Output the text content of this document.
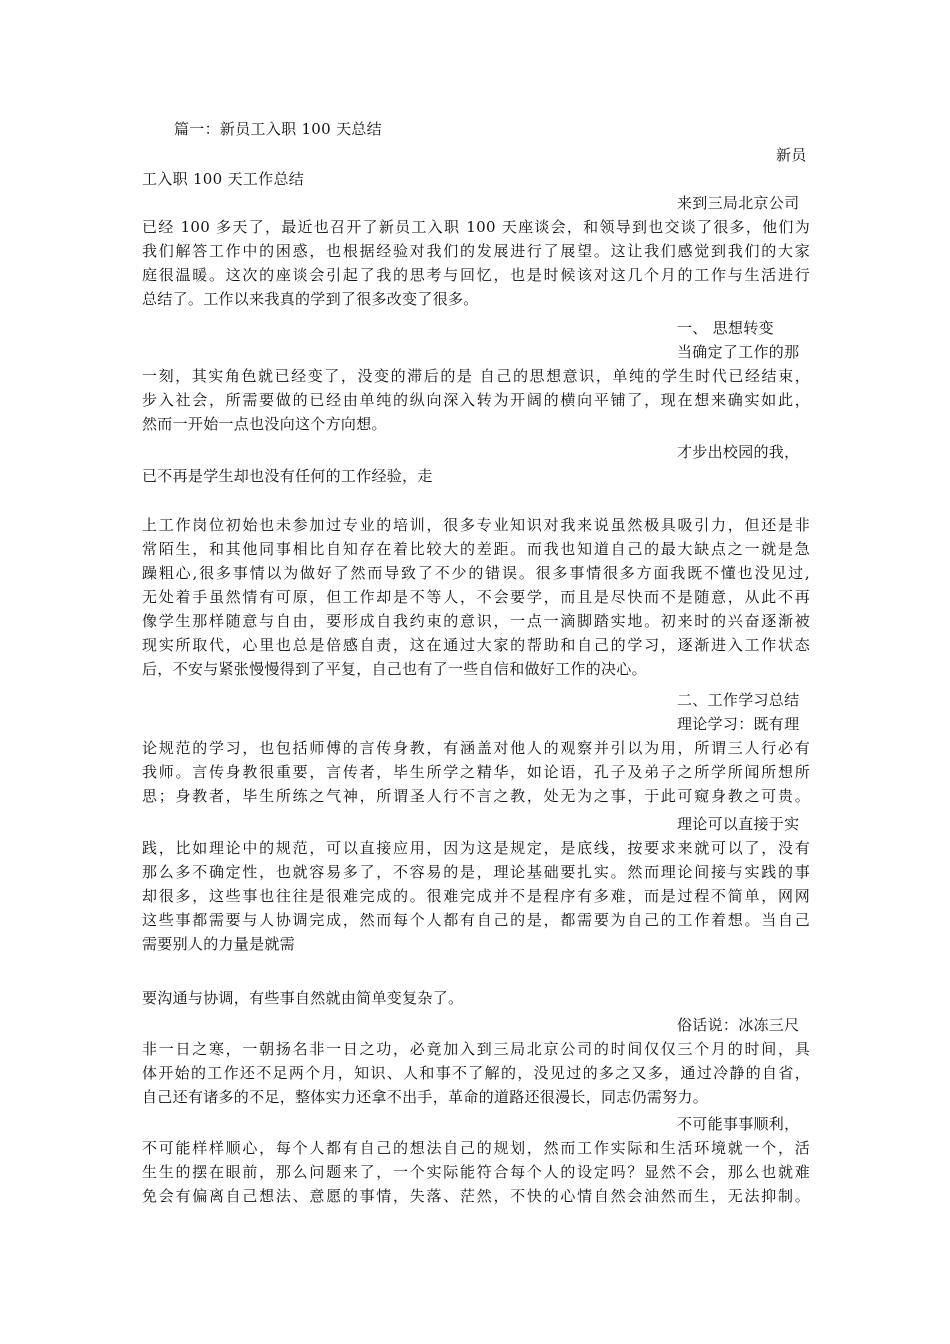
篇一：新员工入职 100 天总结
新员
工入职 100 天工作总结
来到三局北京公司
已经 100 多天了，最近也召开了新员工入职 100 天座谈会，和领导到也交谈了很多，他们为
我们解答工作中的困惑，也根据经验对我们的发展进行了展望。这让我们感觉到我们的大家
庭很温暖。这次的座谈会引起了我的思考与回忆，也是时候该对这几个月的工作与生活进行
总结了。工作以来我真的学到了很多改变了很多。
一、 思想转变
当确定了工作的那
一刻，其实角色就已经变了，没变的滞后的是 自己的思想意识，单纯的学生时代已经结束，
步入社会，所需要做的已经由单纯的纵向深入转为开阔的横向平铺了，现在想来确实如此，
然而一开始一点也没向这个方向想。
才步出校园的我，
已不再是学生却也没有任何的工作经验，走
上工作岗位初始也未参加过专业的培训，很多专业知识对我来说虽然极具吸引力，但还是非
常陌生，和其他同事相比自知存在着比较大的差距。而我也知道自己的最大缺点之一就是急
躁粗心,很多事情以为做好了然而导致了不少的错误。很多事情很多方面我既不懂也没见过,
无处着手虽然情有可原，但工作却是不等人，不会要学，而且是尽快而不是随意，从此不再
像学生那样随意与自由，要形成自我约束的意识，一点一滴脚踏实地。初来时的兴奋逐渐被
现实所取代，心里也总是倍感自责，这在通过大家的帮助和自己的学习，逐渐进入工作状态
后，不安与紧张慢慢得到了平复，自己也有了一些自信和做好工作的决心。
二、工作学习总结
理论学习：既有理
论规范的学习，也包括师傅的言传身教，有涵盖对他人的观察并引以为用，所谓三人行必有
我师。言传身教很重要，言传者，毕生所学之精华，如论语，孔子及弟子之所学所闻所想所
思；身教者，毕生所练之气神，所谓圣人行不言之教，处无为之事，于此可窥身教之可贵。
理论可以直接于实
践，比如理论中的规范，可以直接应用，因为这是规定，是底线，按要求来就可以了，没有
那么多不确定性，也就容易多了，不容易的是，理论基础要扎实。然而理论间接与实践的事
却很多，这些事也往往是很难完成的。很难完成并不是程序有多难，而是过程不简单，网网
这些事都需要与人协调完成，然而每个人都有自己的是，都需要为自己的工作着想。当自己
需要别人的力量是就需
要沟通与协调，有些事自然就由简单变复杂了。
俗话说：冰冻三尺
非一日之寒，一朝扬名非一日之功，必竟加入到三局北京公司的时间仅仅三个月的时间，具
体开始的工作还不足两个月，知识、人和事不了解的，没见过的多之又多，通过冷静的自省，
自己还有诸多的不足，整体实力还拿不出手，革命的道路还很漫长，同志仍需努力。
不可能事事顺利，
不可能样样顺心，每个人都有自己的想法自己的规划，然而工作实际和生活环境就一个，活
生生的摆在眼前，那么问题来了，一个实际能符合每个人的设定吗？显然不会，那么也就难
免会有偏离自己想法、意愿的事情，失落、茫然，不快的心情自然会油然而生，无法抑制。
